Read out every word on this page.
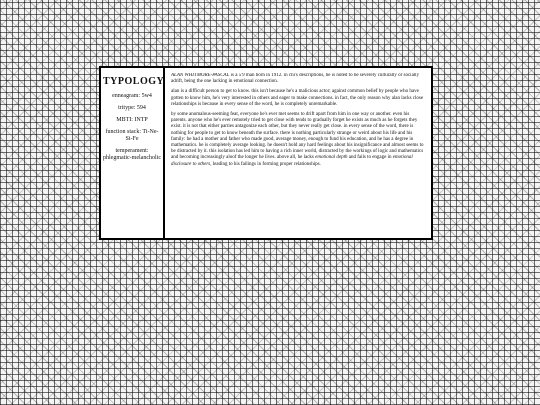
TYPOLOGY
enneagram: 5w4
tritype: 594
MBTI: INTP
function stack: Ti-Ne-Si-Fe
temperament: phlegmatic-melancholic

ALAN WHITMORE-PASCAL is a 5'9 man born in 1912. in chi's descriptions, he is noted to be severely culturally or socially adrift, being the one lacking in emotional connection.

alan is a difficult person to get to know. this isn't because he's a malicious actor; against common belief by people who have gotten to know him, he's very interested in others and eager to make connections. in fact, the only reason why alan lacks close relationships is because in every sense of the word, he is completely unremarkable.

by some anomalous-seeming feat, everyone he's ever met seems to drift apart from him in one way or another. even his parents. anyone who he's ever remotely tried to get close with tends to gradually forget he exists as much as he forgets they exist. it is not that either parties antagonize each other, but they never really get close. in every sense of the word, there is nothing for people to get to know beneath the surface. there is nothing particularly strange or weird about his life and his family: he had a mother and father who made good, average money, enough to fund his education, and he has a degree in mathematics. he is completely average looking. he doesn't hold any hard feelings about his insignificance and almost seems to be distracted by it. this isolation has led him to having a rich inner world, distracted by the workings of logic and mathematics and becoming increasingly aloof the longer he lives. above all, he lacks emotional depth and fails to engage in emotional disclosure to others, leading to his failings in forming proper relationships.
